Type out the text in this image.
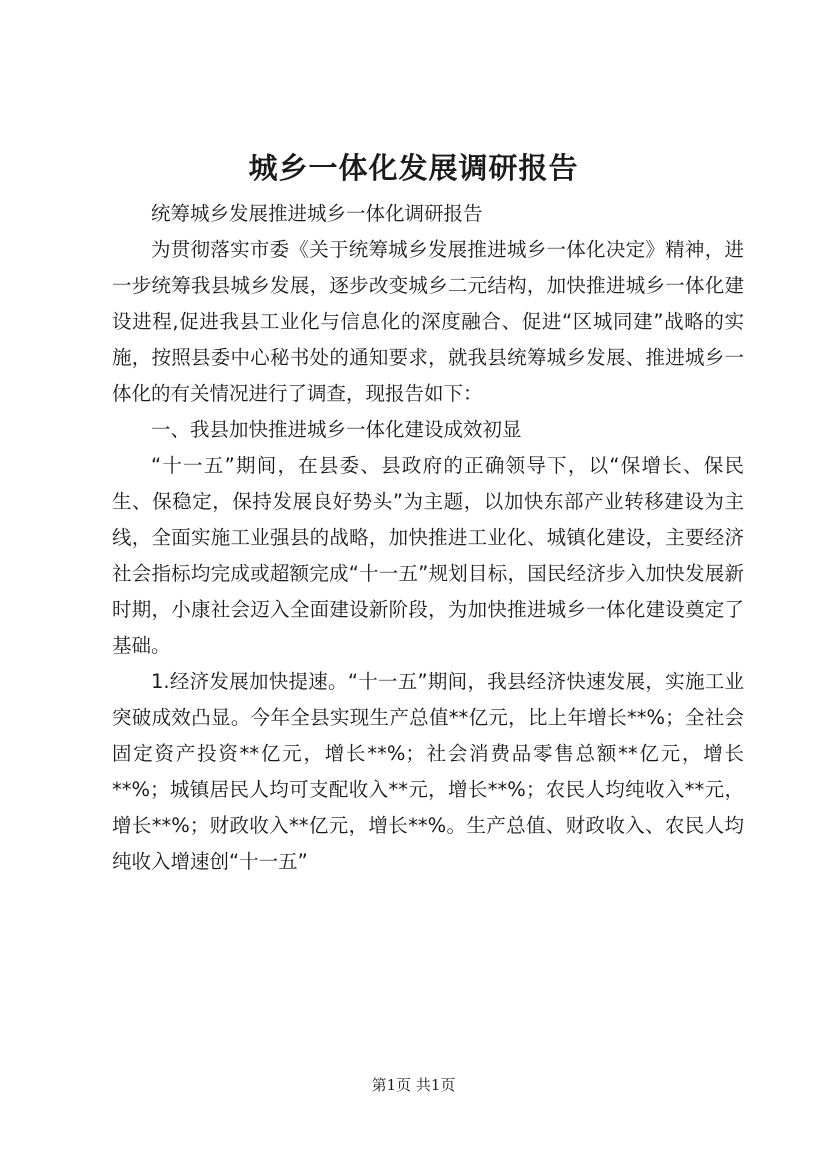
城乡一体化发展调研报告

统筹城乡发展推进城乡一体化调研报告

为贯彻落实市委《关于统筹城乡发展推进城乡一体化决定》精神，进一步统筹我县城乡发展，逐步改变城乡二元结构，加快推进城乡一体化建设进程,促进我县工业化与信息化的深度融合、促进“区城同建”战略的实施，按照县委中心秘书处的通知要求，就我县统筹城乡发展、推进城乡一体化的有关情况进行了调查，现报告如下：

一、我县加快推进城乡一体化建设成效初显

“十一五”期间，在县委、县政府的正确领导下，以“保增长、保民生、保稳定，保持发展良好势头”为主题，以加快东部产业转移建设为主线，全面实施工业强县的战略，加快推进工业化、城镇化建设，主要经济社会指标均完成或超额完成“十一五”规划目标，国民经济步入加快发展新时期，小康社会迈入全面建设新阶段，为加快推进城乡一体化建设奠定了基础。

1.经济发展加快提速。“十一五”期间，我县经济快速发展，实施工业突破成效凸显。今年全县实现生产总值**亿元，比上年增长**%；全社会固定资产投资**亿元，增长**%；社会消费品零售总额**亿元，增长**%；城镇居民人均可支配收入**元，增长**%；农民人均纯收入**元，增长**%；财政收入**亿元，增长**%。生产总值、财政收入、农民人均纯收入增速创“十一五”

第1页 共1页
